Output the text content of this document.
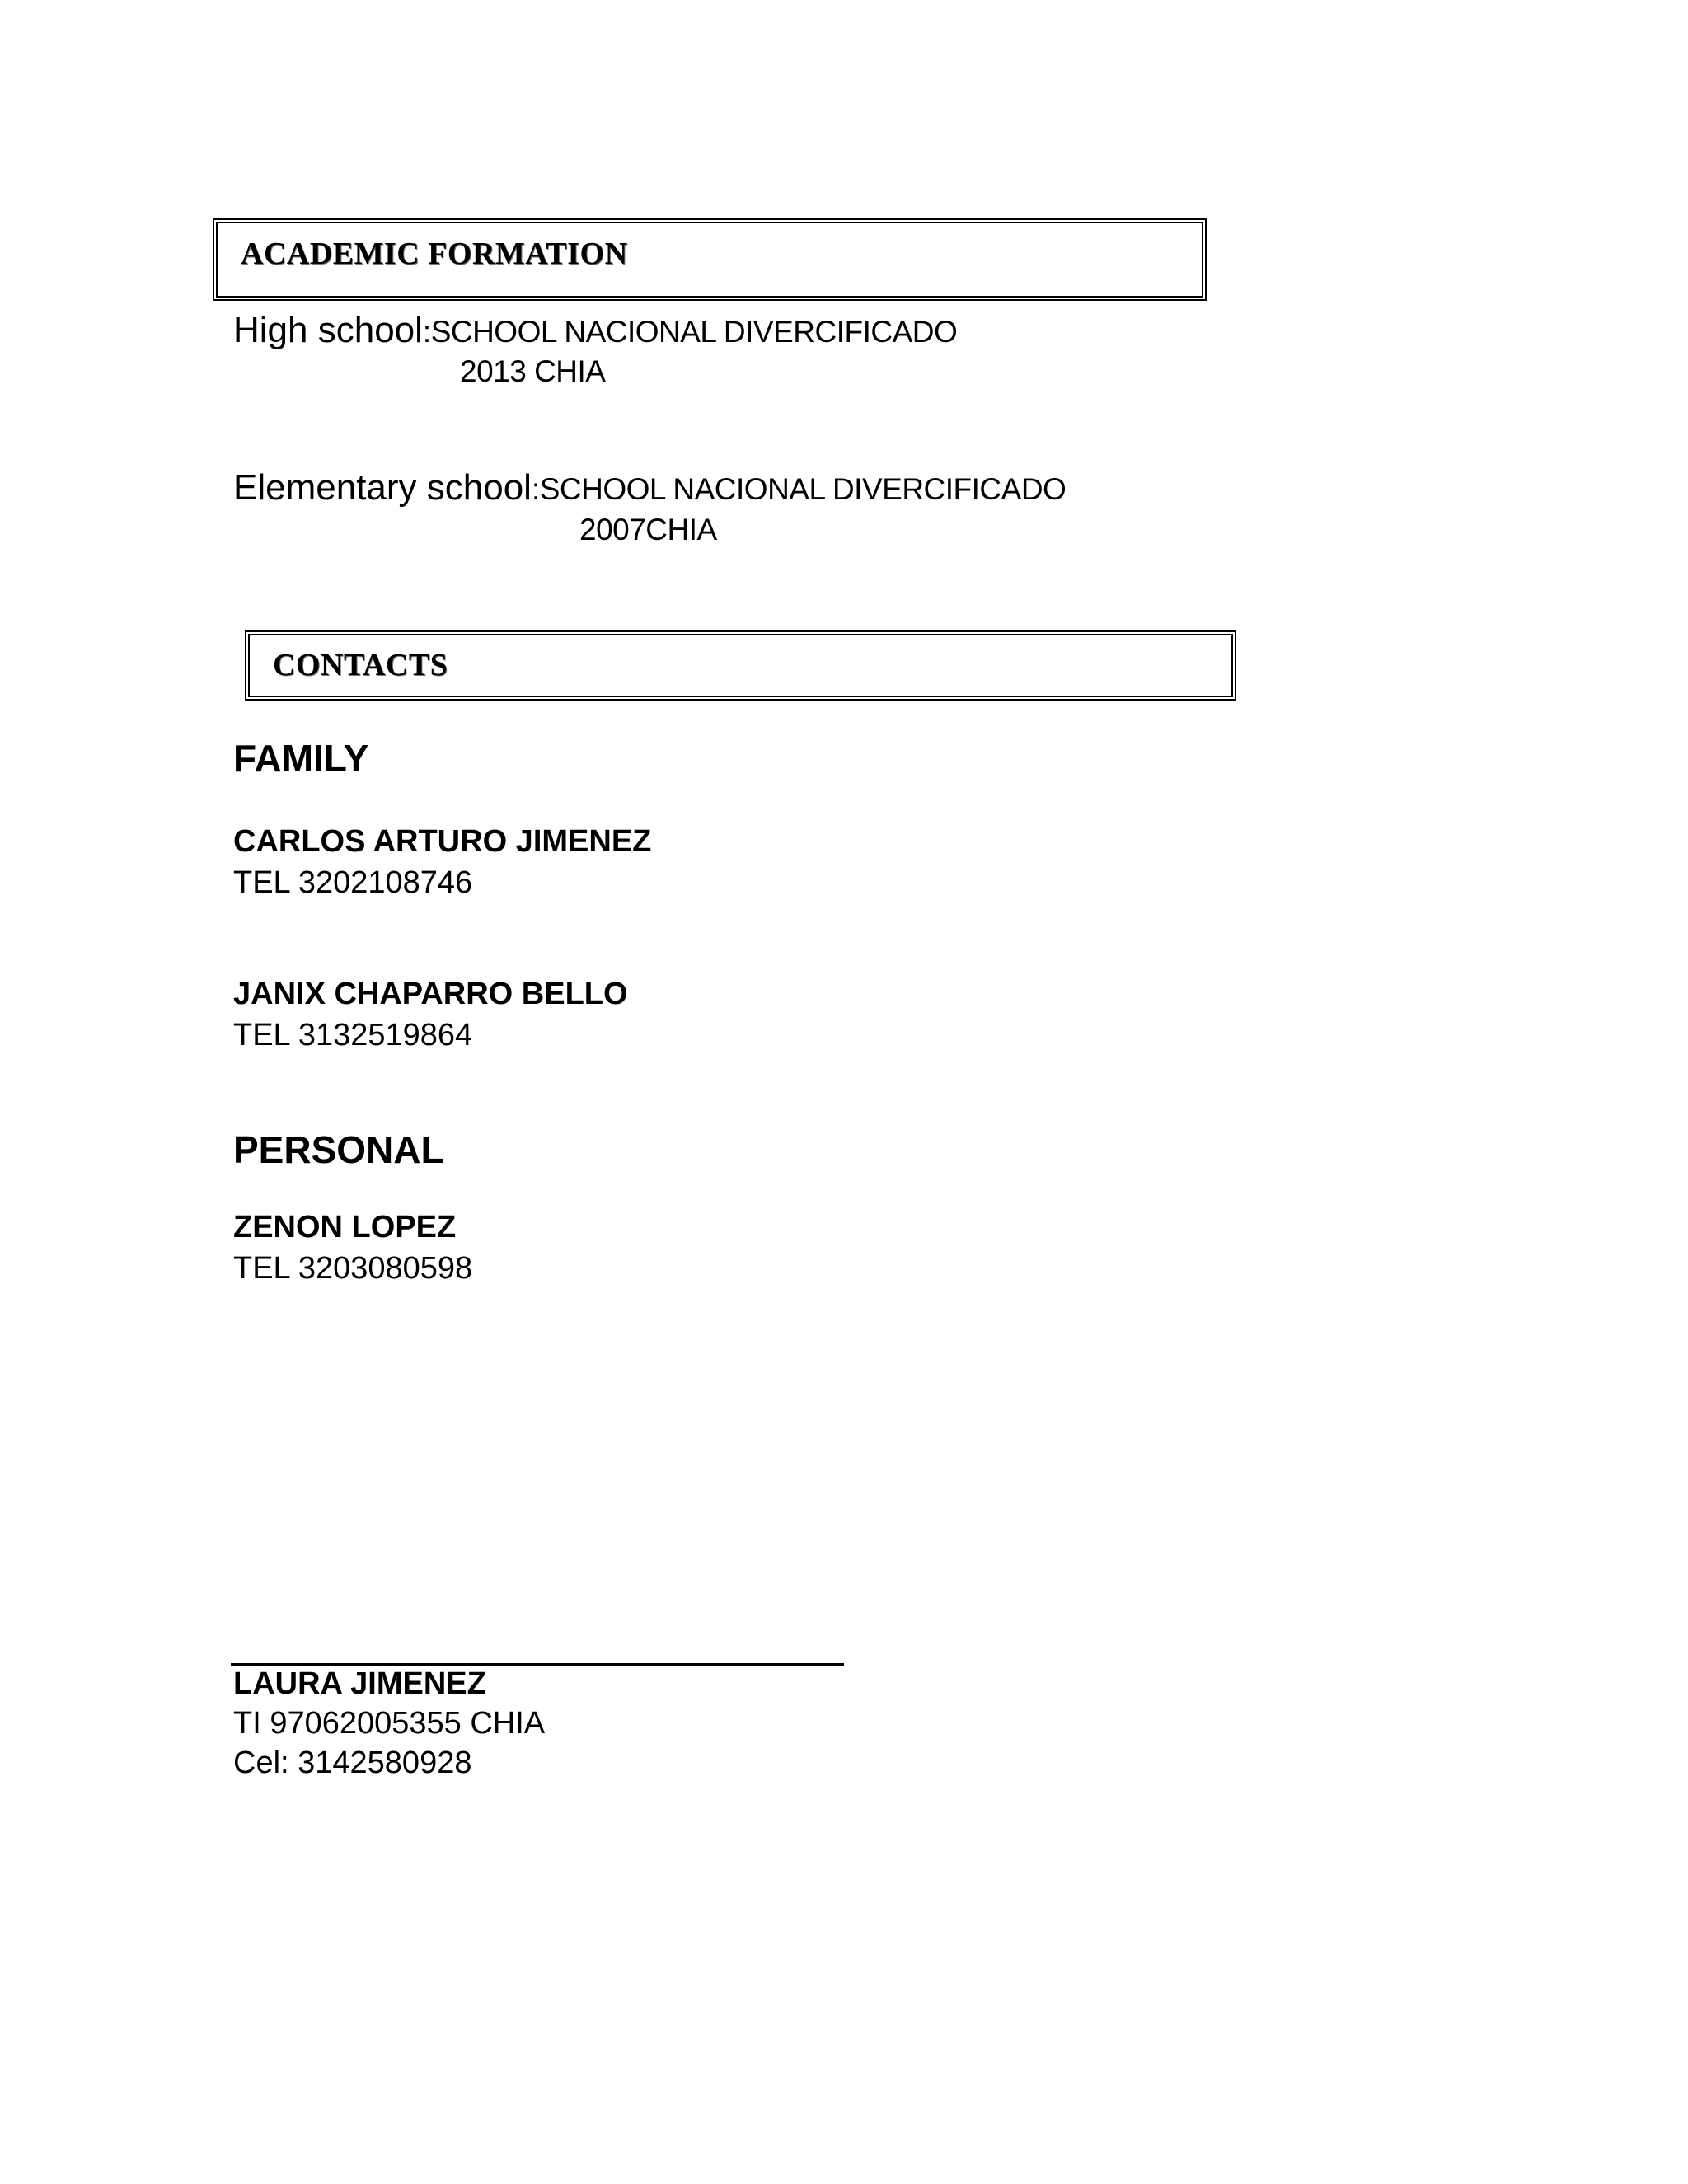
ACADEMIC FORMATION
High school:SCHOOL NACIONAL DIVERCIFICADO
2013 CHIA
Elementary school:SCHOOL NACIONAL DIVERCIFICADO
2007CHIA
CONTACTS
FAMILY
CARLOS ARTURO JIMENEZ
TEL 3202108746
JANIX CHAPARRO BELLO
TEL 3132519864
PERSONAL
ZENON LOPEZ
TEL 3203080598
LAURA JIMENEZ
TI 97062005355 CHIA
Cel: 3142580928
